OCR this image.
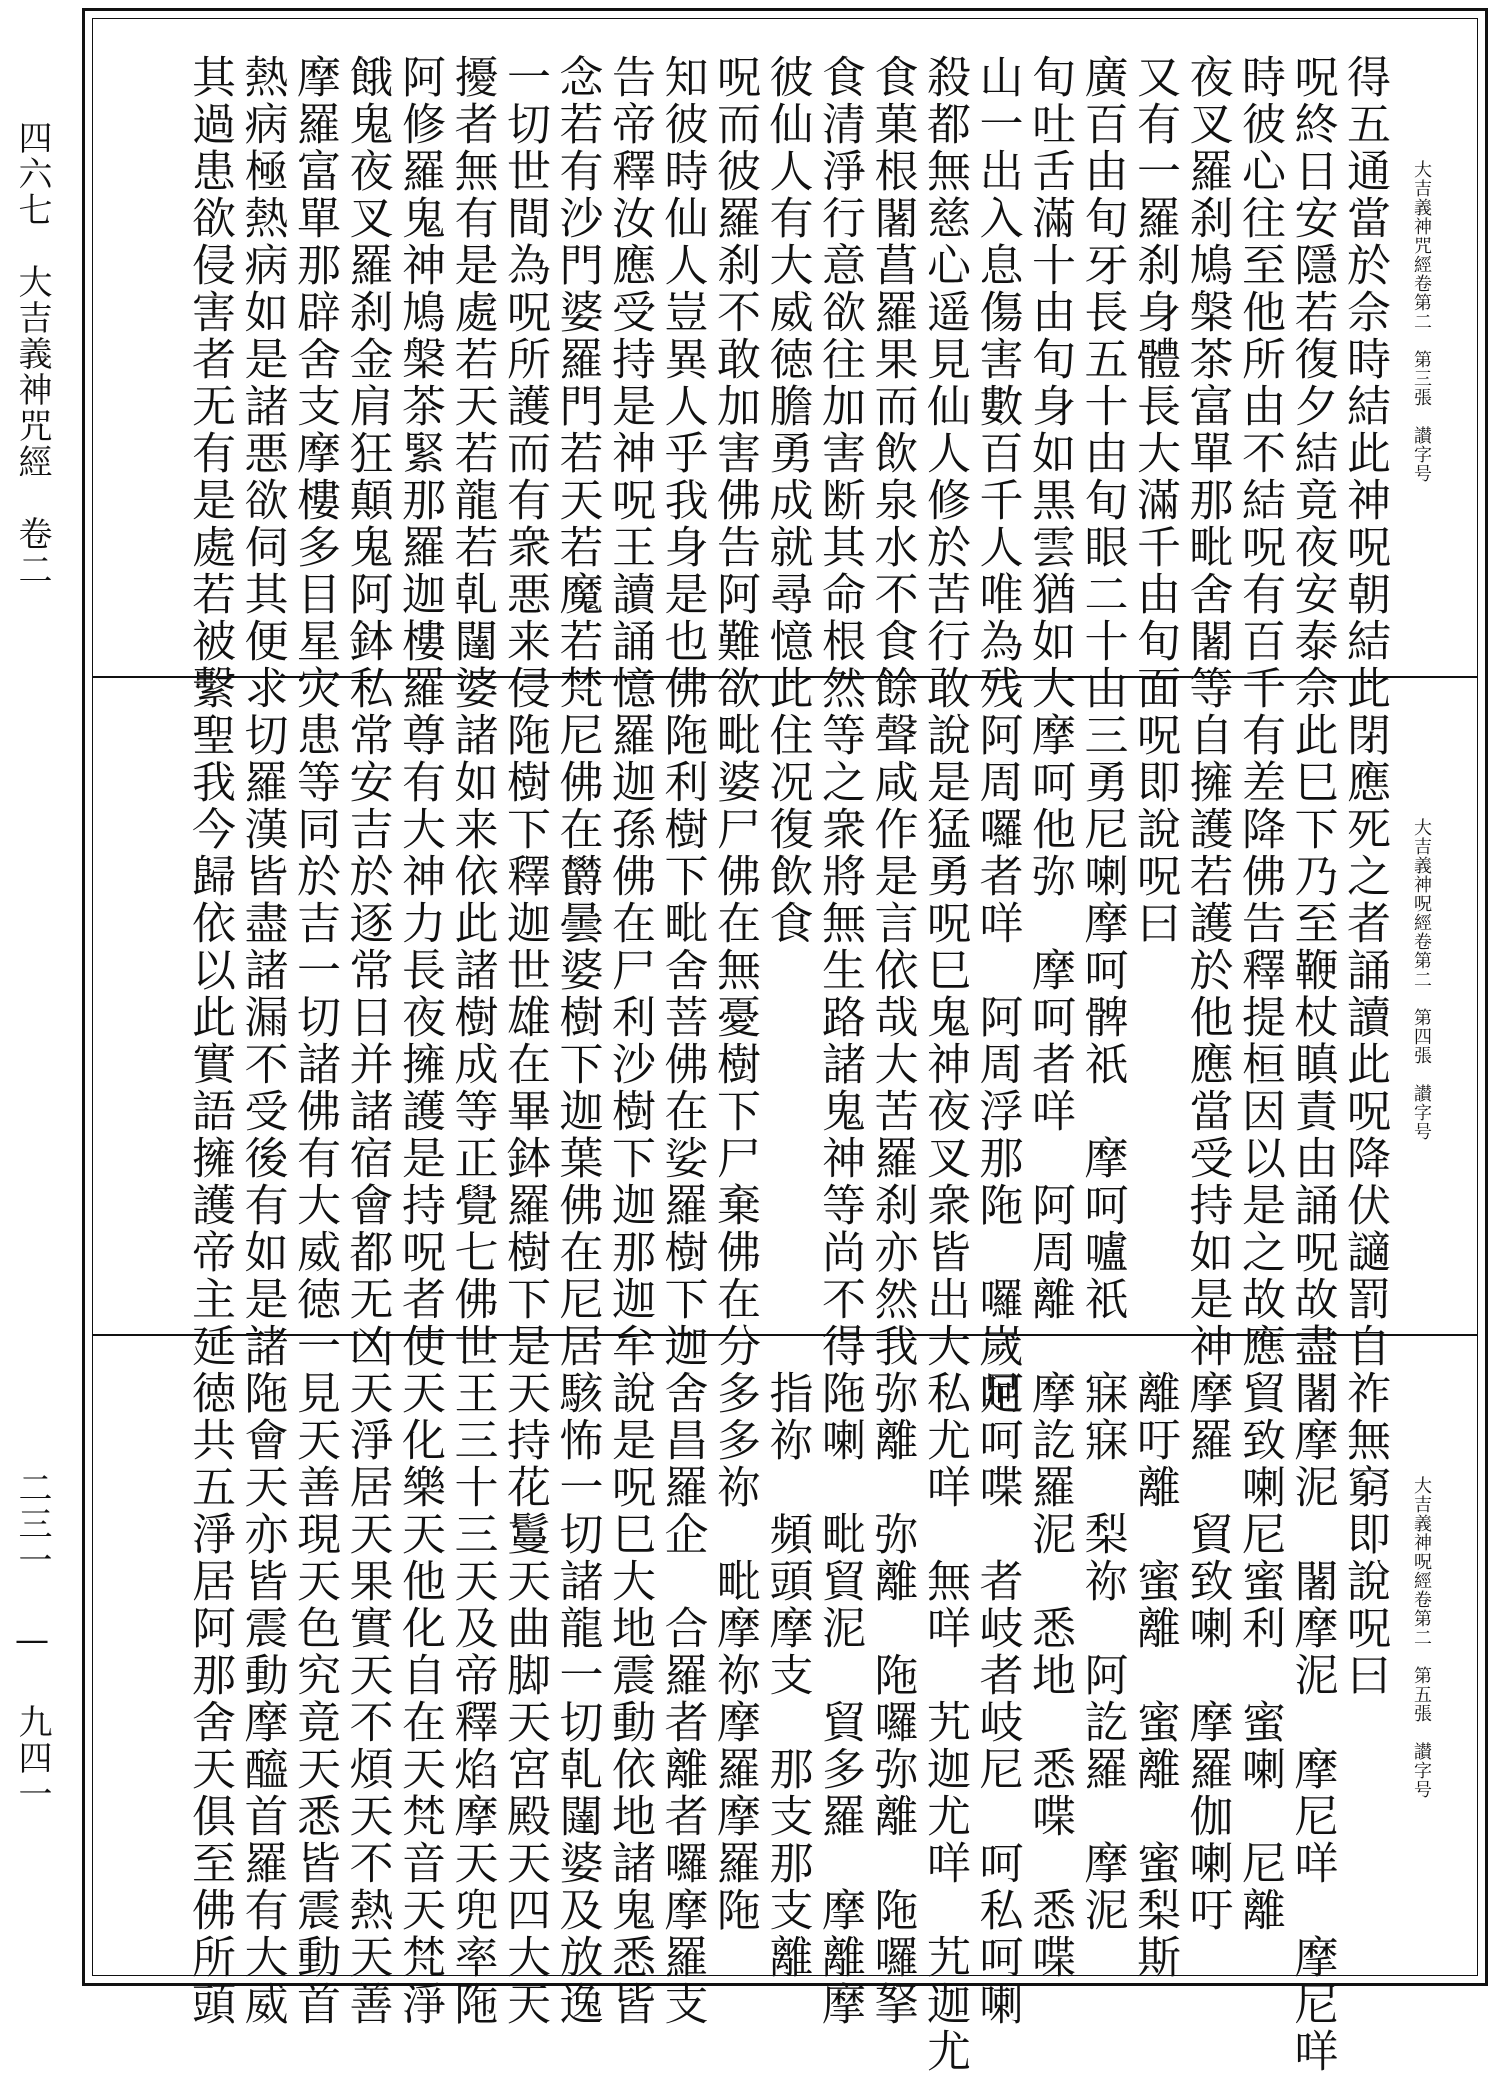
四六七　大吉義神咒經　卷二
二三一 — 九四一
大吉義神咒經卷第二　第三張　讃字号
得五通當於佘時結此神呪朝結此
呪終日安隱若復夕結竟夜安泰佘
時彼心往至他所由不結呪有百千
夜叉羅刹鳩槃茶富單那毗舍闍等
又有一羅刹身體長大滿千由旬面
廣百由旬牙長五十由旬眼二十由
旬吐舌滿十由旬身如黒雲猶如大
山一出入息傷害數百千人唯為残
殺都無慈心遥見仙人修於苦行敢
食菓根闍菖羅果而飲泉水不食餘
食清淨行意欲往加害断其命根然
彼仙人有大威徳膽勇成就尋憶此
呪而彼羅刹不敢加害佛告阿難欲
知彼時仙人豈異人乎我身是也佛
告帝釋汝應受持是神呪王讀誦憶
念若有沙門婆羅門若天若魔若梵
一切世間為呪所護而有衆悪来侵
擾者無有是處若天若龍若乹闥婆
阿修羅鬼神鳩槃茶緊那羅迦樓羅
餓鬼夜叉羅刹金肩狂顛鬼阿鉢私
摩羅富單那辟舍支摩樓多目星灾
熱病極熱病如是諸悪欲伺其便求
其過患欲侵害者无有是處若被繫
大吉義神呪經卷第二　第四張　讃字号
閉應死之者誦讀此呪降伏讁罰自
此巳下乃至鞭杖瞋責由誦呪故盡
有差降佛告釋提桓因以是之故應
自擁護若護於他應當受持如是神
呪即說呪曰
三勇尼喇摩呵髀祇　摩呵嚧祇
摩呵他弥　摩呵者咩　阿周離
阿周囉者咩　阿周浮那陁　囉嵗足
說是猛勇呪巳鬼神夜叉衆皆出大
聲咸作是言依哉大苦羅刹亦然我
等之衆將無生路諸鬼神等尚不得
住况復飲食
毗婆尸佛在無憂樹下尸棄佛在分
陁利樹下毗舍菩佛在娑羅樹下迦
羅迦孫佛在尸利沙樹下迦那迦牟
尼佛在欝曇婆樹下迦葉佛在尼居
陁樹下釋迦世雄在畢鉢羅樹下是
諸如来依此諸樹成等正覺七佛世
尊有大神力長夜擁護是持呪者使
常安吉於逐常日并諸宿會都无凶
患等同於吉一切諸佛有大威徳一
切羅漢皆盡諸漏不受後有如是諸
聖我今歸依以此實語擁護帝主延
大吉義神呪經卷第二　第五張　讃字号
祚無窮即說呪曰
闍摩泥　闍摩泥　摩尼咩　摩尼咩
貿致喇尼蜜利　蜜喇　尼離
摩羅　貿致喇　摩羅伽喇吁
離吁離　蜜離　蜜離　蜜梨斯
寐寐　梨祢　阿訖羅　摩泥
摩訖羅泥　悉地　悉喋　悉喋
呵呵喋　者岐者岐尼　呵私呵喇
私尤咩　無咩　艽迦尤咩　艽迦尤
弥離　弥離　陁囉弥離　陁囉拏
陁喇　毗貿泥　貿多羅　摩離摩
指祢　頻頭摩支　那支那支離
多多祢　毗摩祢摩羅摩羅陁
舍昌羅企　合羅者離者囉摩羅支
說是呪巳大地震動依地諸鬼悉皆
駭怖一切諸龍一切乹闥婆及放逸
天持花鬘天曲脚天宮殿天四大天
王三十三天及帝釋焰摩天兜率陁
天化樂天他化自在天梵音天梵淨
天淨居天果實天不煩天不熱天善
見天善現天色究竟天悉皆震動首
陁會天亦皆震動摩醯首羅有大威
徳共五淨居阿那舍天俱至佛所頭
